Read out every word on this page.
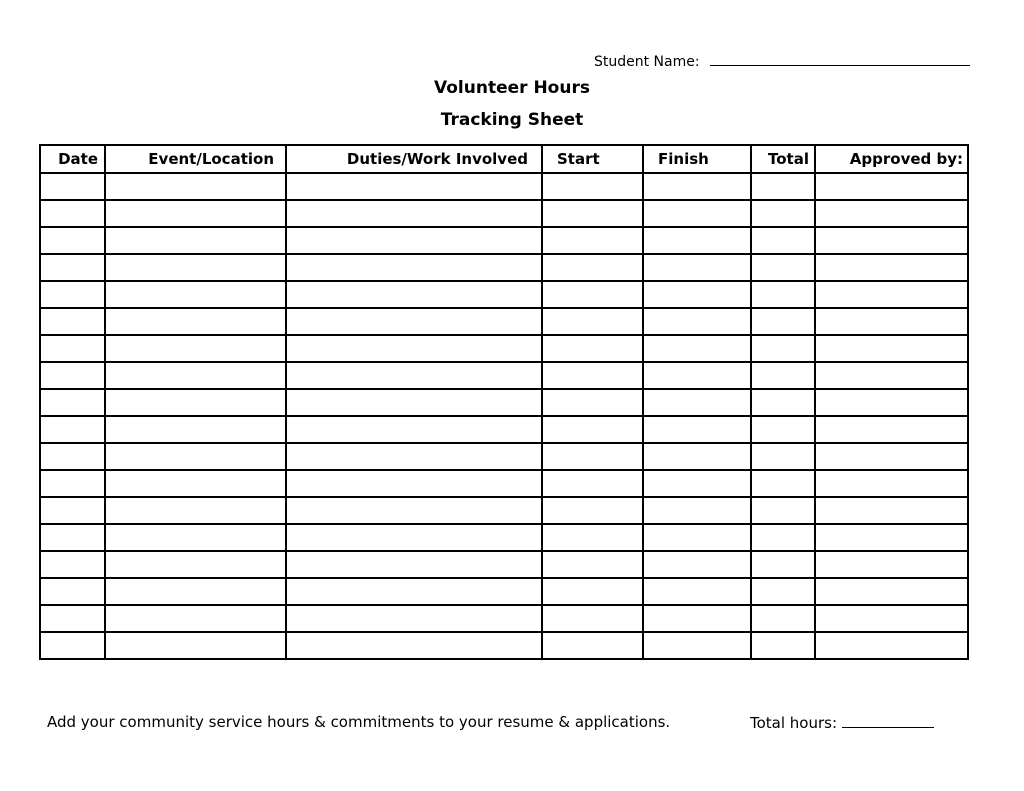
Student Name:
Volunteer Hours
Tracking Sheet
Date	Event/Location	Duties/Work Involved	Start	Finish	Total	Approved by:

Add your community service hours & commitments to your resume & applications.	Total hours:
